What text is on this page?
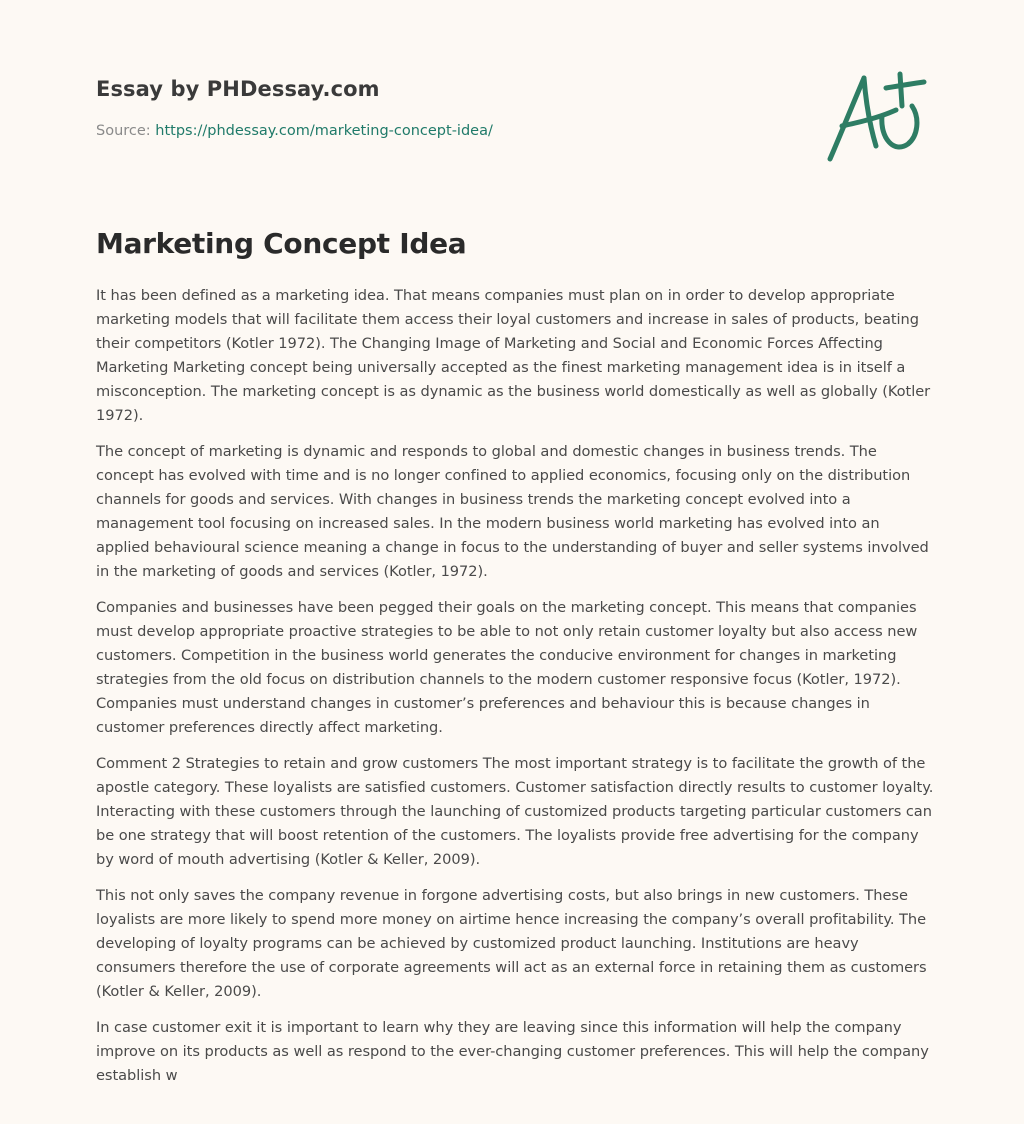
Essay by PHDessay.com
Source: https://phdessay.com/marketing-concept-idea/
Marketing Concept Idea

It has been defined as a marketing idea. That means companies must plan on in order to develop appropriate marketing models that will facilitate them access their loyal customers and increase in sales of products, beating their competitors (Kotler 1972). The Changing Image of Marketing and Social and Economic Forces Affecting Marketing Marketing concept being universally accepted as the finest marketing management idea is in itself a misconception. The marketing concept is as dynamic as the business world domestically as well as globally (Kotler 1972).

The concept of marketing is dynamic and responds to global and domestic changes in business trends. The concept has evolved with time and is no longer confined to applied economics, focusing only on the distribution channels for goods and services. With changes in business trends the marketing concept evolved into a management tool focusing on increased sales. In the modern business world marketing has evolved into an applied behavioural science meaning a change in focus to the understanding of buyer and seller systems involved in the marketing of goods and services (Kotler, 1972).

Companies and businesses have been pegged their goals on the marketing concept. This means that companies must develop appropriate proactive strategies to be able to not only retain customer loyalty but also access new customers. Competition in the business world generates the conducive environment for changes in marketing strategies from the old focus on distribution channels to the modern customer responsive focus (Kotler, 1972). Companies must understand changes in customer’s preferences and behaviour this is because changes in customer preferences directly affect marketing.

Comment 2 Strategies to retain and grow customers The most important strategy is to facilitate the growth of the apostle category. These loyalists are satisfied customers. Customer satisfaction directly results to customer loyalty. Interacting with these customers through the launching of customized products targeting particular customers can be one strategy that will boost retention of the customers. The loyalists provide free advertising for the company by word of mouth advertising (Kotler & Keller, 2009).

This not only saves the company revenue in forgone advertising costs, but also brings in new customers. These loyalists are more likely to spend more money on airtime hence increasing the company’s overall profitability. The developing of loyalty programs can be achieved by customized product launching. Institutions are heavy consumers therefore the use of corporate agreements will act as an external force in retaining them as customers (Kotler & Keller, 2009).

In case customer exit it is important to learn why they are leaving since this information will help the company improve on its products as well as respond to the ever-changing customer preferences. This will help the company establish w
